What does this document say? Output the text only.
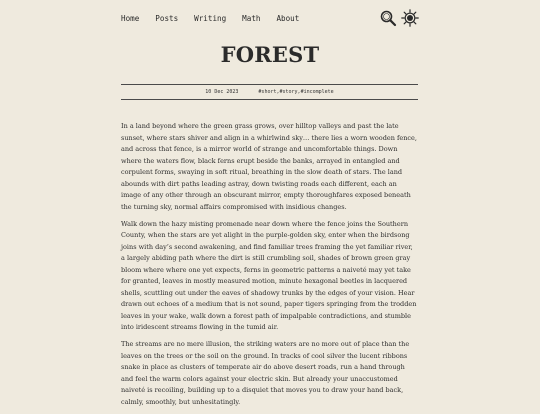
Home Posts Writing Math About
FOREST
10 Dec 2023	#short,#story,#incomplete

In a land beyond where the green grass grows, over hilltop valleys and past the late sunset, where stars shiver and align in a whirlwind sky… there lies a worn wooden fence, and across that fence, is a mirror world of strange and uncomfortable things. Down where the waters flow, black ferns erupt beside the banks, arrayed in entangled and corpulent forms, swaying in soft ritual, breathing in the slow death of stars. The land abounds with dirt paths leading astray, down twisting roads each different, each an image of any other through an obscurant mirror, empty thoroughfares exposed beneath the turning sky, normal affairs compromised with insidious changes.

Walk down the hazy misting promenade near down where the fence joins the Southern County, when the stars are yet alight in the purple-golden sky, enter when the birdsong joins with day’s second awakening, and find familiar trees framing the yet familiar river, a largely abiding path where the dirt is still crumbling soil, shades of brown green gray bloom where where one yet expects, ferns in geometric patterns a naiveté may yet take for granted, leaves in mostly measured motion, minute hexagonal beetles in lacquered shells, scuttling out under the eaves of shadowy trunks by the edges of your vision. Hear drawn out echoes of a medium that is not sound, paper tigers springing from the trodden leaves in your wake, walk down a forest path of impalpable contradictions, and stumble into iridescent streams flowing in the tumid air.

The streams are no mere illusion, the striking waters are no more out of place than the leaves on the trees or the soil on the ground. In tracks of cool silver the lucent ribbons snake in place as clusters of temperate air do above desert roads, run a hand through and feel the warm colors against your electric skin. But already your unaccustomed naiveté is recoiling, building up to a disquiet that moves you to draw your hand back, calmly, smoothly, but unhesitatingly.
